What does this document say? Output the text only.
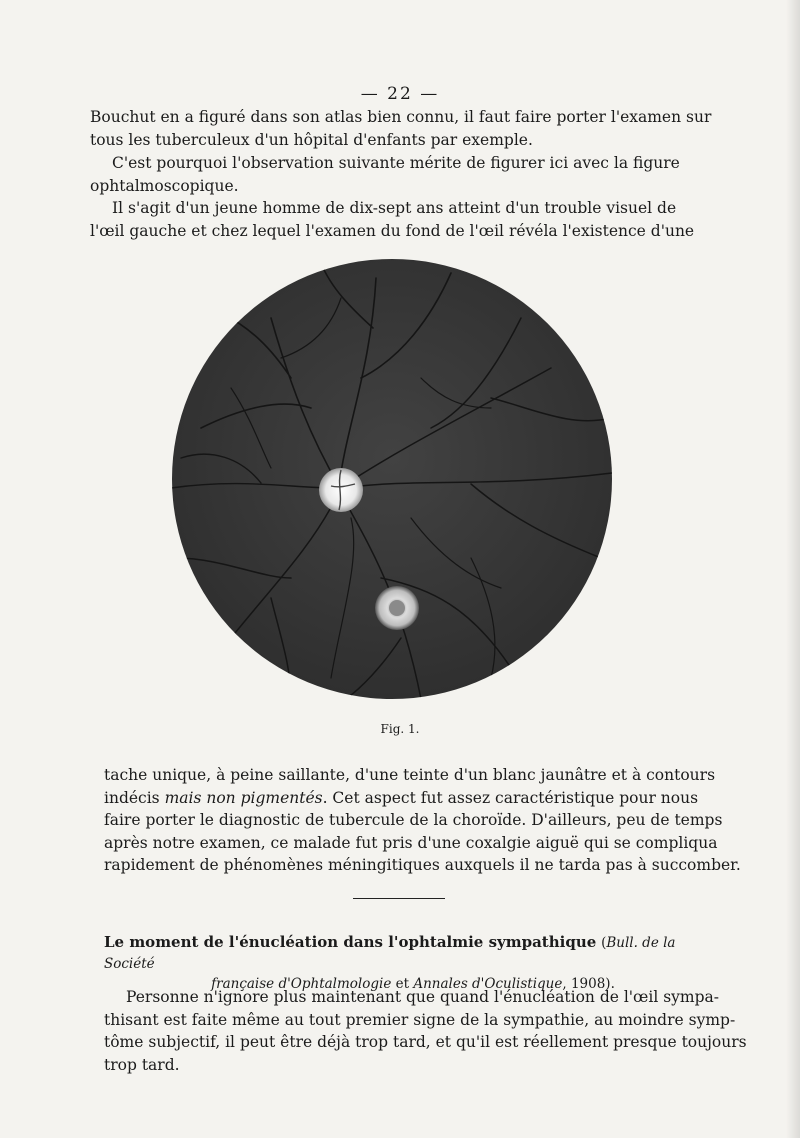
— 22 —

Bouchut en a figuré dans son atlas bien connu, il faut faire porter l'examen sur
tous les tuberculeux d'un hôpital d'enfants par exemple.

C'est pourquoi l'observation suivante mérite de figurer ici avec la figure
ophtalmoscopique.

Il s'agit d'un jeune homme de dix-sept ans atteint d'un trouble visuel de
l'œil gauche et chez lequel l'examen du fond de l'œil révéla l'existence d'une

Fig. 1.

tache unique, à peine saillante, d'une teinte d'un blanc jaunâtre et à contours
indécis mais non pigmentés. Cet aspect fut assez caractéristique pour nous
faire porter le diagnostic de tubercule de la choroïde. D'ailleurs, peu de temps
après notre examen, ce malade fut pris d'une coxalgie aiguë qui se compliqua
rapidement de phénomènes méningitiques auxquels il ne tarda pas à succomber.

Le moment de l'énucléation dans l'ophtalmie sympathique (Bull. de la Société
française d'Ophtalmologie et Annales d'Oculistique, 1908).

Personne n'ignore plus maintenant que quand l'énucléation de l'œil sympa-
thisant est faite même au tout premier signe de la sympathie, au moindre symp-
tôme subjectif, il peut être déjà trop tard, et qu'il est réellement presque toujours
trop tard.
